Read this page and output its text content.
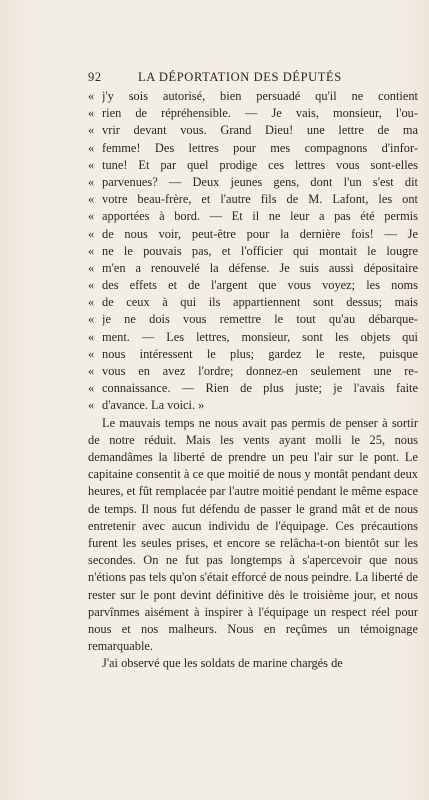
92	LA DÉPORTATION DES DÉPUTÉS
« j'y sois autorisé, bien persuadé qu'il ne contient
« rien de répréhensible. — Je vais, monsieur, l'ou-
« vrir devant vous. Grand Dieu! une lettre de ma
« femme! Des lettres pour mes compagnons d'infor-
« tune! Et par quel prodige ces lettres vous sont-elles
« parvenues? — Deux jeunes gens, dont l'un s'est dit
« votre beau-frère, et l'autre fils de M. Lafont, les ont
« apportées à bord. — Et il ne leur a pas été permis
« de nous voir, peut-être pour la dernière fois! — Je
« ne le pouvais pas, et l'officier qui montait le lougre
« m'en a renouvelé la défense. Je suis aussi dépositaire
« des effets et de l'argent que vous voyez; les noms
« de ceux à qui ils appartiennent sont dessus; mais
« je ne dois vous remettre le tout qu'au débarque-
« ment. — Les lettres, monsieur, sont les objets qui
« nous intéressent le plus; gardez le reste, puisque
« vous en avez l'ordre; donnez-en seulement une re-
« connaissance. — Rien de plus juste; je l'avais faite
« d'avance. La voici. »

Le mauvais temps ne nous avait pas permis de penser à sortir de notre réduit. Mais les vents ayant molli le 25, nous demandâmes la liberté de prendre un peu l'air sur le pont. Le capitaine consentit à ce que moitié de nous y montât pendant deux heures, et fût remplacée par l'autre moitié pendant le même espace de temps. Il nous fut défendu de passer le grand mât et de nous entretenir avec aucun individu de l'équipage. Ces précautions furent les seules prises, et encore se relâcha-t-on bientôt sur les secondes. On ne fut pas longtemps à s'apercevoir que nous n'étions pas tels qu'on s'était efforcé de nous peindre. La liberté de rester sur le pont devint définitive dès le troisième jour, et nous parvînmes aisément à inspirer à l'équipage un respect réel pour nous et nos malheurs. Nous en reçûmes un témoignage remarquable.

J'ai observé que les soldats de marine chargés de
